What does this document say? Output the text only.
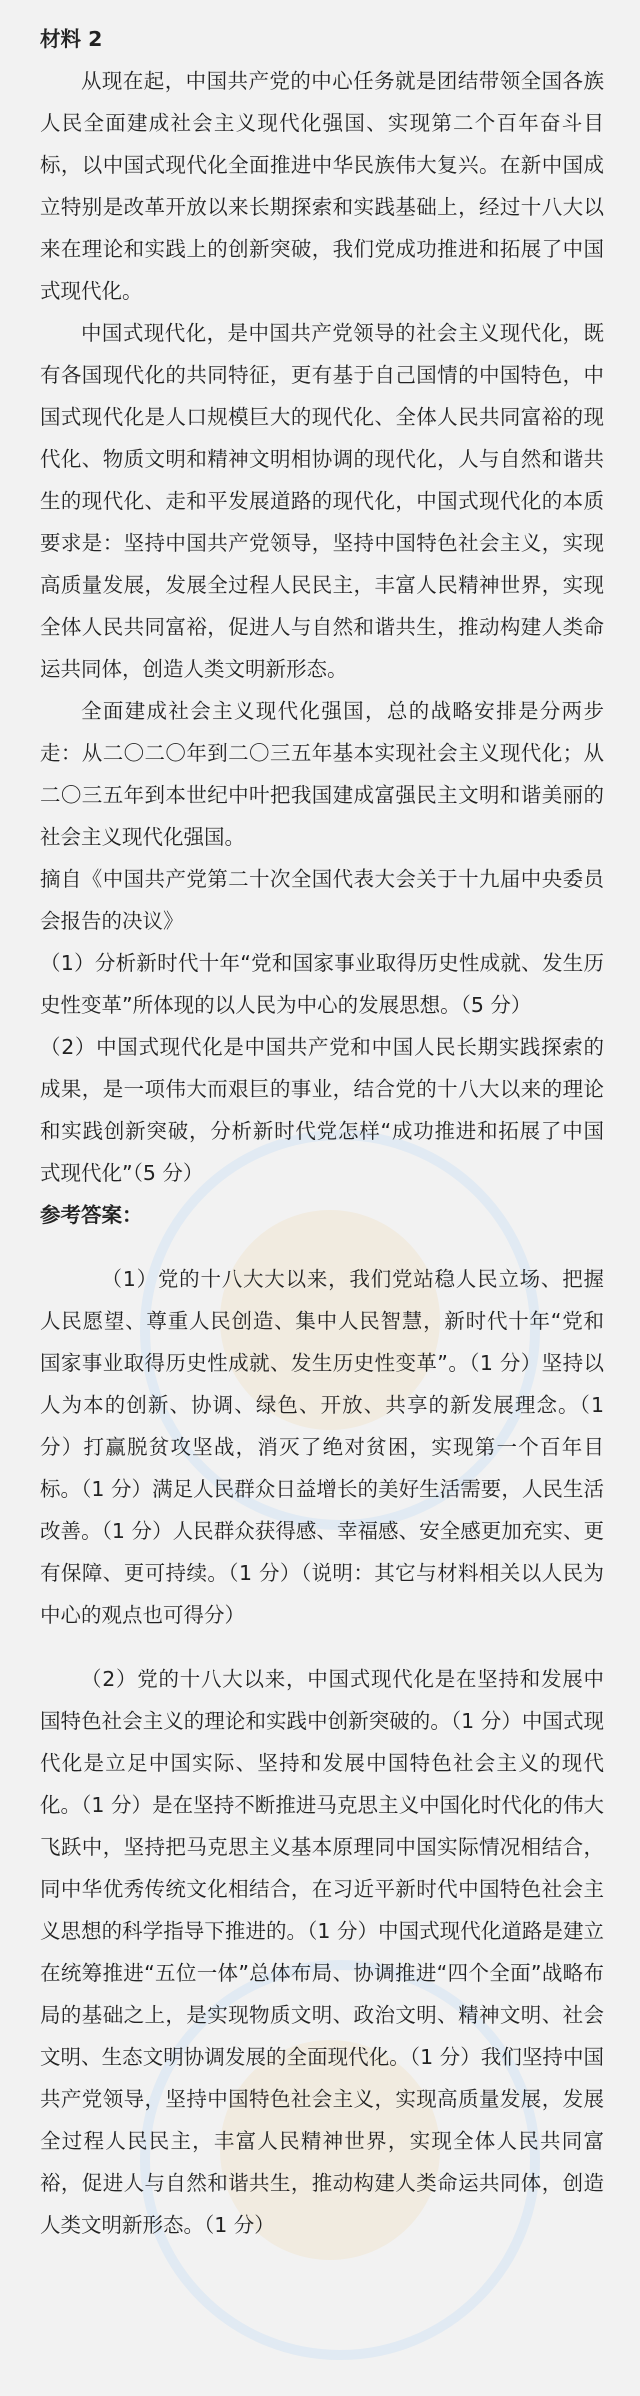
材料 2

从现在起，中国共产党的中心任务就是团结带领全国各族人民全面建成社会主义现代化强国、实现第二个百年奋斗目标，以中国式现代化全面推进中华民族伟大复兴。在新中国成立特别是改革开放以来长期探索和实践基础上，经过十八大以来在理论和实践上的创新突破，我们党成功推进和拓展了中国式现代化。

中国式现代化，是中国共产党领导的社会主义现代化，既有各国现代化的共同特征，更有基于自己国情的中国特色，中国式现代化是人口规模巨大的现代化、全体人民共同富裕的现代化、物质文明和精神文明相协调的现代化，人与自然和谐共生的现代化、走和平发展道路的现代化，中国式现代化的本质要求是：坚持中国共产党领导，坚持中国特色社会主义，实现高质量发展，发展全过程人民民主，丰富人民精神世界，实现全体人民共同富裕，促进人与自然和谐共生，推动构建人类命运共同体，创造人类文明新形态。

全面建成社会主义现代化强国，总的战略安排是分两步走：从二〇二〇年到二〇三五年基本实现社会主义现代化；从二〇三五年到本世纪中叶把我国建成富强民主文明和谐美丽的社会主义现代化强国。

摘自《中国共产党第二十次全国代表大会关于十九届中央委员会报告的决议》

（1）分析新时代十年“党和国家事业取得历史性成就、发生历史性变革”所体现的以人民为中心的发展思想。（5 分）

（2）中国式现代化是中国共产党和中国人民长期实践探索的成果，是一项伟大而艰巨的事业，结合党的十八大以来的理论和实践创新突破，分析新时代党怎样“成功推进和拓展了中国式现代化”（5 分）

参考答案：

（1）党的十八大大以来，我们党站稳人民立场、把握人民愿望、尊重人民创造、集中人民智慧，新时代十年“党和国家事业取得历史性成就、发生历史性变革”。（1 分）坚持以人为本的创新、协调、绿色、开放、共享的新发展理念。（1 分）打赢脱贫攻坚战，消灭了绝对贫困，实现第一个百年目标。（1 分）满足人民群众日益增长的美好生活需要，人民生活改善。（1 分）人民群众获得感、幸福感、安全感更加充实、更有保障、更可持续。（1 分）（说明：其它与材料相关以人民为中心的观点也可得分）

（2）党的十八大以来，中国式现代化是在坚持和发展中国特色社会主义的理论和实践中创新突破的。（1 分）中国式现代化是立足中国实际、坚持和发展中国特色社会主义的现代化。（1 分）是在坚持不断推进马克思主义中国化时代化的伟大飞跃中，坚持把马克思主义基本原理同中国实际情况相结合，同中华优秀传统文化相结合，在习近平新时代中国特色社会主义思想的科学指导下推进的。（1 分）中国式现代化道路是建立在统筹推进“五位一体”总体布局、协调推进“四个全面”战略布局的基础之上，是实现物质文明、政治文明、精神文明、社会文明、生态文明协调发展的全面现代化。（1 分）我们坚持中国共产党领导，坚持中国特色社会主义，实现高质量发展，发展全过程人民民主，丰富人民精神世界，实现全体人民共同富裕，促进人与自然和谐共生，推动构建人类命运共同体，创造人类文明新形态。（1 分）
